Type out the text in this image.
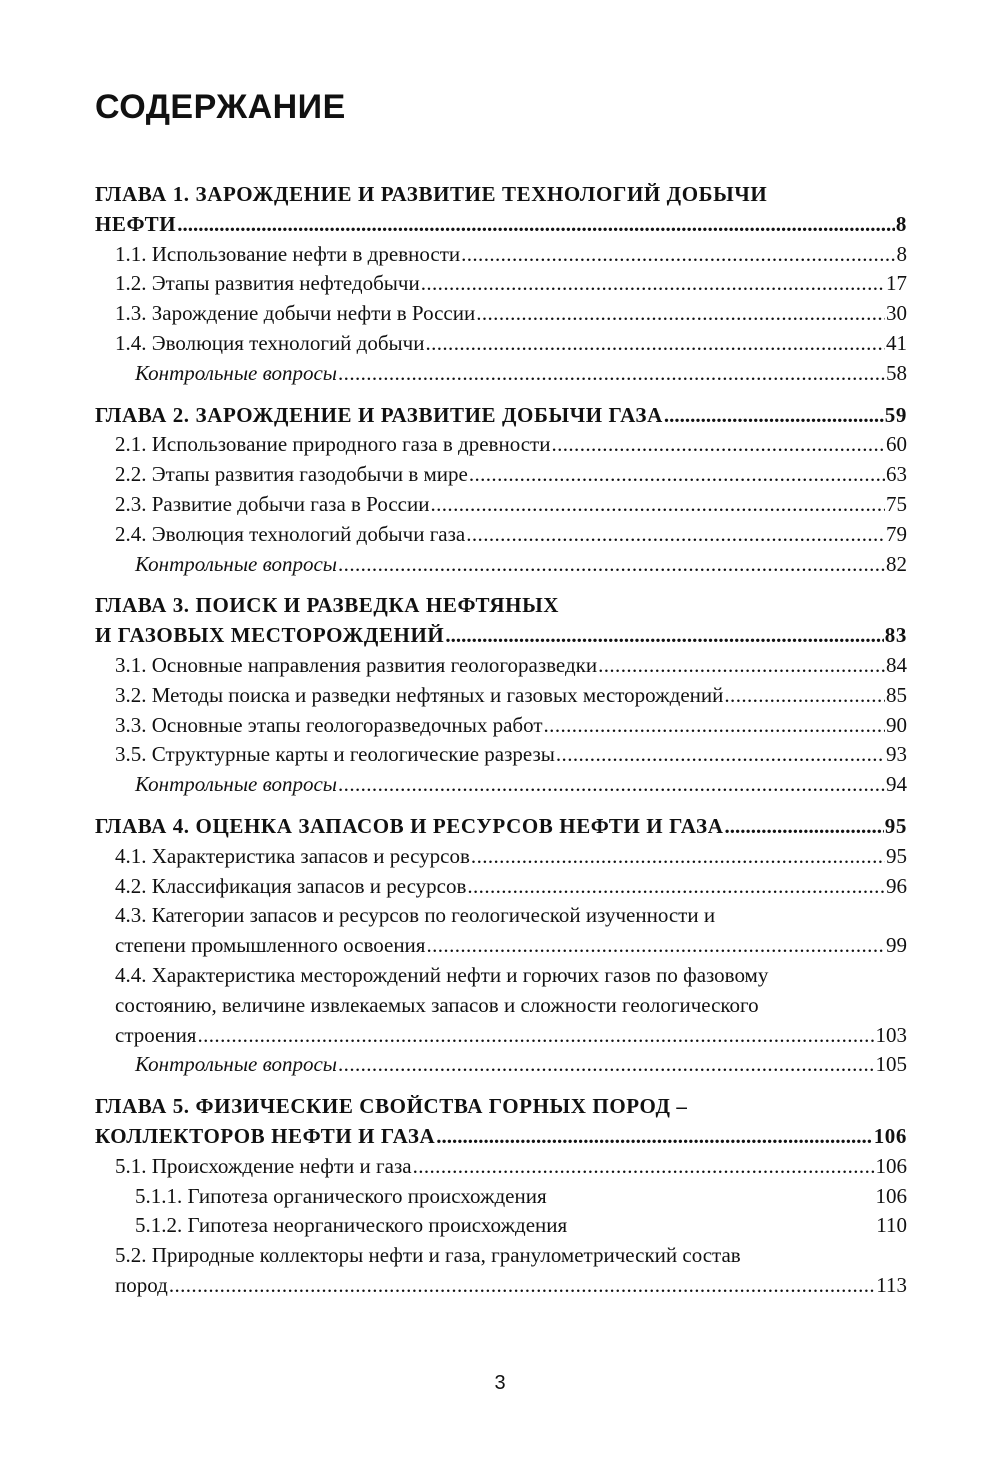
СОДЕРЖАНИЕ
ГЛАВА 1. ЗАРОЖДЕНИЕ И РАЗВИТИЕ ТЕХНОЛОГИЙ ДОБЫЧИ
НЕФТИ .....	8
1.1. Использование нефти в древности .....	8
1.2. Этапы развития нефтедобычи .....	17
1.3. Зарождение добычи нефти в России .....	30
1.4. Эволюция технологий добычи .....	41
Контрольные вопросы .....	58
ГЛАВА 2. ЗАРОЖДЕНИЕ И РАЗВИТИЕ ДОБЫЧИ ГАЗА .....	59
2.1. Использование природного газа в древности .....	60
2.2. Этапы развития газодобычи в мире .....	63
2.3. Развитие добычи газа в России .....	75
2.4. Эволюция технологий добычи газа .....	79
Контрольные вопросы .....	82
ГЛАВА 3. ПОИСК И РАЗВЕДКА НЕФТЯНЫХ
И ГАЗОВЫХ МЕСТОРОЖДЕНИЙ .....	83
3.1. Основные направления развития геологоразведки .....	84
3.2. Методы поиска и разведки нефтяных и газовых месторождений .....	85
3.3. Основные этапы геологоразведочных работ .....	90
3.5. Структурные карты и геологические разрезы .....	93
Контрольные вопросы .....	94
ГЛАВА 4. ОЦЕНКА ЗАПАСОВ И РЕСУРСОВ НЕФТИ И ГАЗА .....	95
4.1. Характеристика запасов и ресурсов .....	95
4.2. Классификация запасов и ресурсов .....	96
4.3. Категории запасов и ресурсов по геологической изученности и
степени промышленного освоения .....	99
4.4. Характеристика месторождений нефти и горючих газов по фазовому
состоянию, величине извлекаемых запасов и сложности геологического
строения .....	103
Контрольные вопросы .....	105
ГЛАВА 5. ФИЗИЧЕСКИЕ СВОЙСТВА ГОРНЫХ ПОРОД –
КОЛЛЕКТОРОВ НЕФТИ И ГАЗА .....	106
5.1. Происхождение нефти и газа .....	106
5.1.1. Гипотеза органического происхождения	106
5.1.2. Гипотеза неорганического происхождения	110
5.2. Природные коллекторы нефти и газа, гранулометрический состав
пород .....	113
3
